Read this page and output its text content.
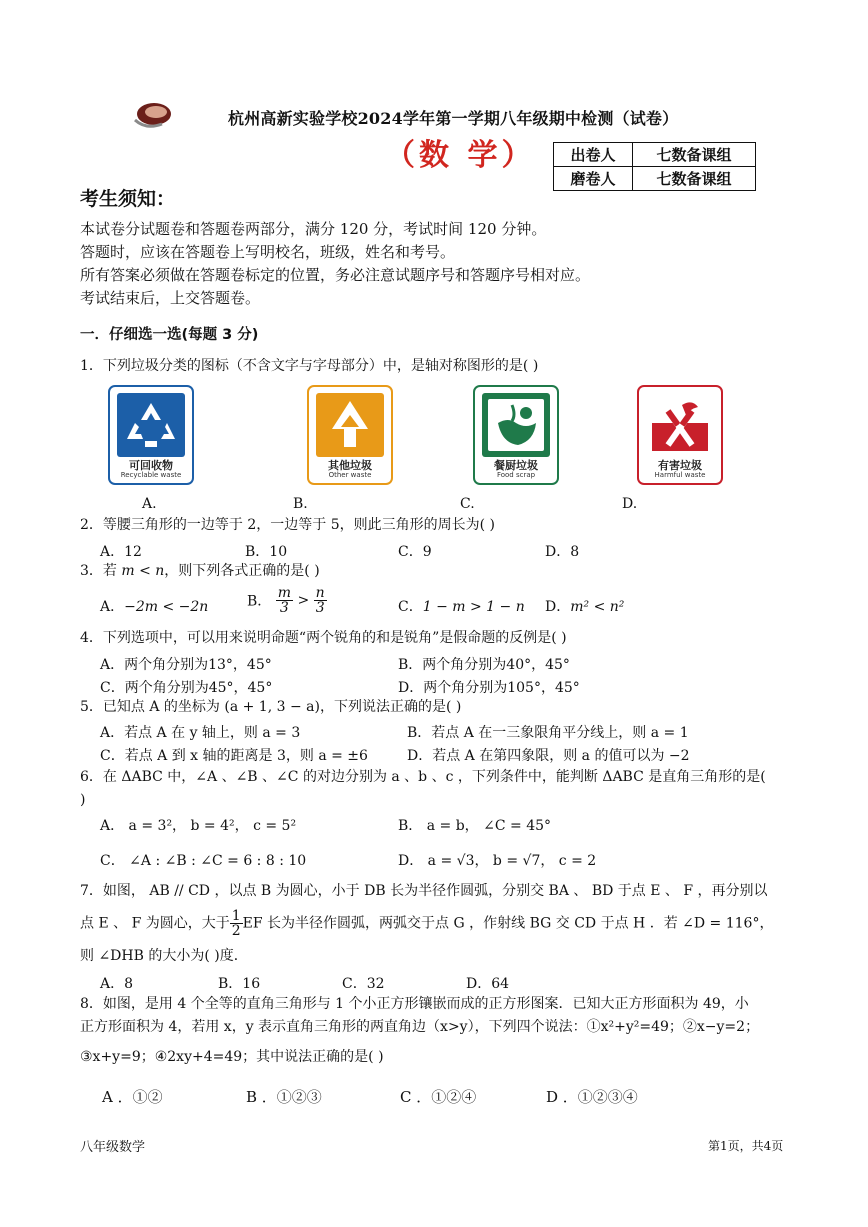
杭州高新实验学校2024学年第一学期八年级期中检测（试卷）
（数 学） 出卷人	七数备课组
磨卷人	七数备课组
考生须知：
本试卷分试题卷和答题卷两部分，满分 120 分，考试时间 120 分钟。
答题时，应该在答题卷上写明校名，班级，姓名和考号。
所有答案必须做在答题卷标定的位置，务必注意试题序号和答题序号相对应。
考试结束后，上交答题卷。
一．仔细选一选(每题 3 分)
1．下列垃圾分类的图标（不含文字与字母部分）中，是轴对称图形的是( )
可回收物
Recyclable waste
其他垃圾
Other waste
餐厨垃圾
Food scrap
有害垃圾
Harmful waste
A.	B.	C.	D.
2．等腰三角形的一边等于 2，一边等于 5，则此三角形的周长为( )
A．12	B．10	C．9	D．8
3．若 m < n，则下列各式正确的是( )
A．−2m < −2n	B． $\frac{m}{3} > \frac{n}{3}$	C．1 − m > 1 − n D．m² < n²
4．下列选项中，可以用来说明命题“两个锐角的和是锐角”是假命题的反例是( )
A．两个角分别为13°，45°	B．两个角分别为40°，45°
C．两个角分别为45°，45°	D．两个角分别为105°，45°
5．已知点 A 的坐标为 (a + 1, 3 − a)，下列说法正确的是( )
A．若点 A 在 y 轴上，则 a = 3	B．若点 A 在一三象限角平分线上，则 a = 1
C．若点 A 到 x 轴的距离是 3，则 a = ±6	D．若点 A 在第四象限，则 a 的值可以为 −2
6．在 ΔABC 中，∠A 、∠B 、∠C 的对边分别为 a 、b 、c ，下列条件中，能判断 ΔABC 是直角三角形的是(
)
A． a = 3²， b = 4²， c = 5²	B． a = b， ∠C = 45°
C． ∠A : ∠B : ∠C = 6 : 8 : 10	D． a = √3， b = √7， c = 2
7．如图， AB // CD ，以点 B 为圆心，小于 DB 长为半径作圆弧，分别交 BA 、 BD 于点 E 、 F ，再分别以
点 E 、 F 为圆心，大于 $\frac{1}{2}$ EF 长为半径作圆弧，两弧交于点 G ，作射线 BG 交 CD 于点 H ．若 ∠D = 116°，
则 ∠DHB 的大小为( )度．
A．8	B．16	C．32	D．64
8．如图，是用 4 个全等的直角三角形与 1 个小正方形镶嵌而成的正方形图案．已知大正方形面积为 49，小
正方形面积为 4，若用 x，y 表示直角三角形的两直角边（x>y），下列四个说法：①x²+y²=49；②x−y=2；
③x+y=9；④2xy+4=49；其中说法正确的是( )
A ．①②	B ．①②③	C ．①②④	D ．①②③④
八年级数学	第1页，共4页
